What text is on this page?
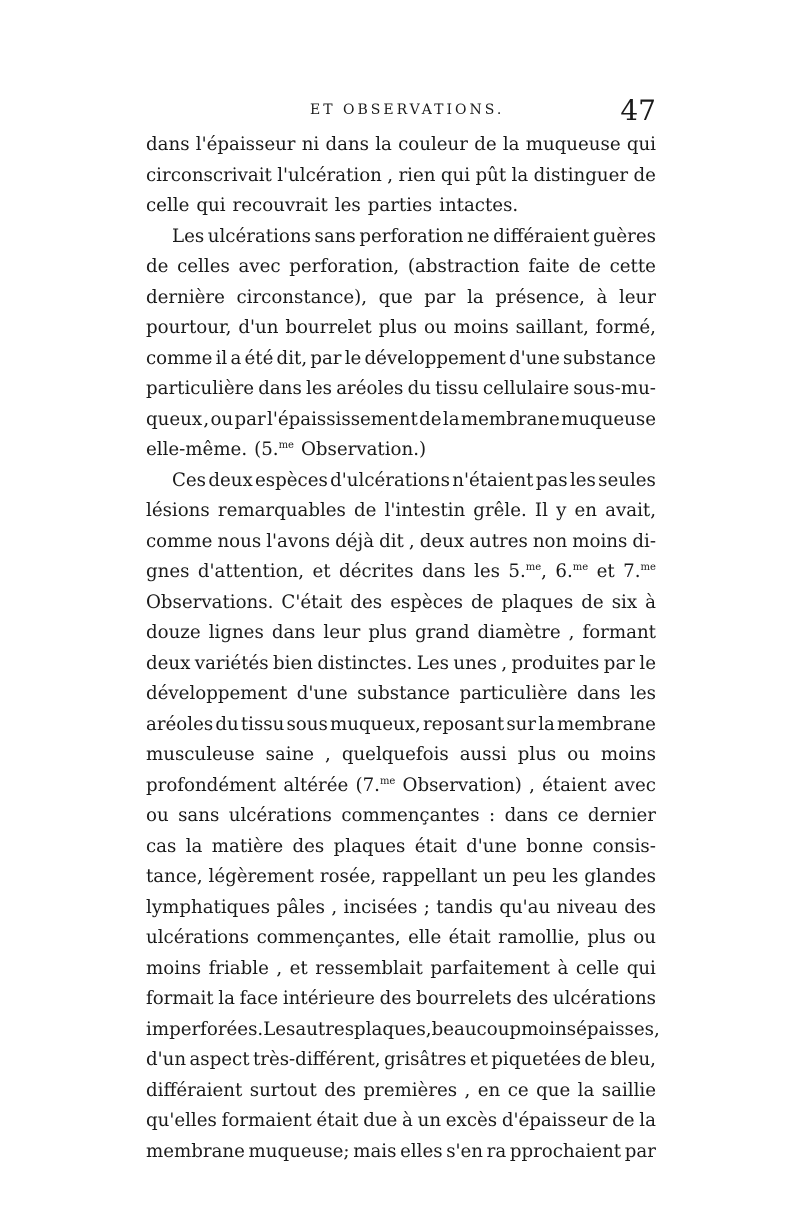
ET OBSERVATIONS.	47
dans l'épaisseur ni dans la couleur de la muqueuse qui
circonscrivait l'ulcération , rien qui pût la distinguer de
celle qui recouvrait les parties intactes.
Les ulcérations sans perforation ne différaient guères
de celles avec perforation, (abstraction faite de cette
dernière circonstance), que par la présence, à leur
pourtour, d'un bourrelet plus ou moins saillant, formé,
comme il a été dit, par le développement d'une substance
particulière dans les aréoles du tissu cellulaire sous-mu-
queux , ou par l'épaississement de la membrane muqueuse
elle-même. (5.$^{me}$ Observation.)
Ces deux espèces d'ulcérations n'étaient pas les seules
lésions remarquables de l'intestin grêle. Il y en avait,
comme nous l'avons déjà dit , deux autres non moins di-
gnes d'attention, et décrites dans les 5.$^{me}$, 6.$^{me}$ et 7.$^{me}$
Observations. C'était des espèces de plaques de six à
douze lignes dans leur plus grand diamètre , formant
deux variétés bien distinctes. Les unes , produites par le
développement d'une substance particulière dans les
aréoles du tissu sous muqueux, reposant sur la membrane
musculeuse saine , quelquefois aussi plus ou moins
profondément altérée (7.$^{me}$ Observation) , étaient avec
ou sans ulcérations commençantes : dans ce dernier
cas la matière des plaques était d'une bonne consis-
tance, légèrement rosée, rappellant un peu les glandes
lymphatiques pâles , incisées ; tandis qu'au niveau des
ulcérations commençantes, elle était ramollie, plus ou
moins friable , et ressemblait parfaitement à celle qui
formait la face intérieure des bourrelets des ulcérations
imperforées. Les autres plaques, beaucoup moins épaisses,
d'un aspect très-différent, grisâtres et piquetées de bleu,
différaient surtout des premières , en ce que la saillie
qu'elles formaient était due à un excès d'épaisseur de la
membrane muqueuse; mais elles s'en ra pprochaient par
